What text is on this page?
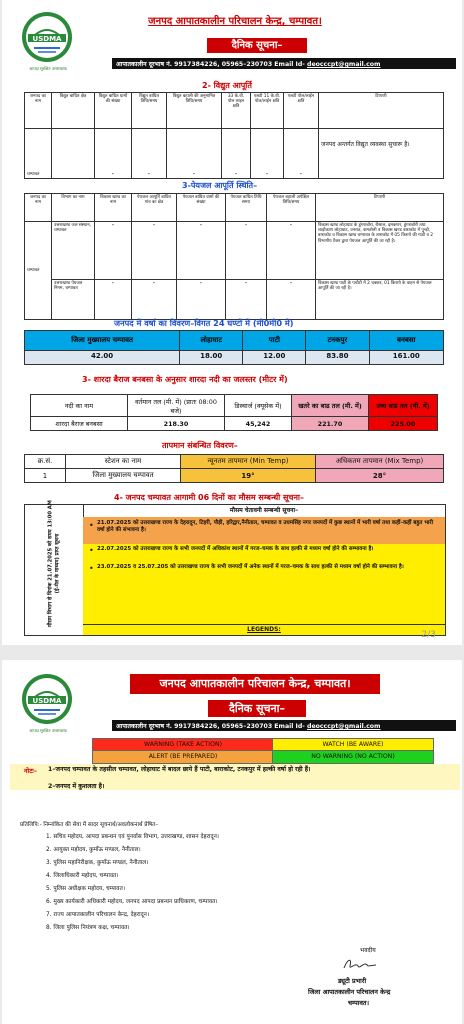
USDMA
आपदा सुरक्षित उत्तराखण्ड
जनपद आपातकालीन परिचालन केन्द्र, चम्पावत।
दैनिक सूचना–
आपातकालीन दूरभाष नं. 9917384226, 05965–230703 Email Id- deocccpt@gmail.com
2- विद्युत आपूर्ति
जनपद का नाम	विद्युत बाधित क्षेत्र	विद्युत बाधित ग्रामों की संख्या	विद्युत बाधित तिथि/समय	विद्युत बहाली की अनुमानित तिथि/समय	33 के.वी. पोल लाइन क्षति	एलटी 11 के.वी. पोल/लाईन क्षति	एलटी पोल/लाईन क्षति	टिप्पणी
चम्पावत		–	–	–	–	–	–	जनपद अन्तर्गत विद्युत व्यवस्था सुचारू है।
3-पेयजल आपूर्ति स्थिति–
जनपद का नाम	विभाग का नाम	विकास खण्ड का नाम	पेयजल आपूर्ति बाधित गांव का क्षेत्र	पेयजल बाधित ग्रामों की संख्या	पेयजल बाधित तिथि समय	पेयजल बहाली अपेक्षित तिथि/समय	टिप्पणी
चम्पावत	उत्तराखण्ड जल संस्थान, चम्पावत	–	–	–	–	–	विकास खण्ड लोहाघाट के डुंगराबोरा, रौसाल, ढ़मकणर, डुंगराबोरी तथा लाड़ौकाण लोहाघाट, उनराठ, कमतोली व विकास खण्ड बाराकोट में पुन्ड़ी, बाराकोट व विकास खण्ड चम्पावत के ताराकोट में 05 किराये की गाडी व 2 विभागीय टैंकर द्वारा पेयजल आपूर्ति की जा रही है।
	उत्तराखण्ड पेयजल निगम, चम्पावत	–	–	–	–	–	विकास खण्ड पाटी के पचौटी में 2 चक्कर, 01 किराये के वाहन से पेयजल आपूर्ति की जा रही है।
जनपद में वर्षा का विवरण–विगत 24 घण्टों में (मी0मी0 में)
जिला मुख्यालय चम्पावत	लोहाघाट	पाटी	टनकपुर	बनबसा
42.00	18.00	12.00	83.80	161.00
3- शारदा बैराज बनबसा के अनुसार शारदा नदी का जलस्तर (मीटर में)
नदी का नाम	वर्तमान तल (मी. में) (प्रातः 08:00 बजे)	डिस्चार्ज (क्यूसेक में)	खतरे का बाढ तल (मी. में)	उच्च बाढ तल (मी. में)
शारदा बैराज बनबसा	218.30	45,242	221.70	225.00
तापमान संबन्धित विवरण–
क्र.सं.	स्टेशन का नाम	न्यूनतम तापमान (Min Temp)	अधिकतम तापमान (Mix Temp)
1	जिला मुख्यालय चम्पावत	19°	28°
4- जनपद चम्पावत आगामी 06 दिनों का मौसम सम्बन्धी सूचना–
मौसम विभाग से दिनांक 21.07.2025 को समय 13:00 AM (ई-मेल के माध्यम) प्राप्त सूचना
मौसम चेतावनी सम्बन्धी सूचना–
• 21.07.2025 को उत्तराखण्ड राज्य के देहरादून, टिहरी, पौड़ी, हरिद्वार,नैनीताल, चम्पावत व उधमसिंह नगर जनपदों में कुछ स्थानों में भारी वर्षा तथा कहीं–कहीं बहुत भारी वर्षा होने की संभावना है।
• 22.07.2025 को उत्तराखण्ड राज्य के सभी जनपदों में अधिकांश स्थानों में गरज–चमक के साथ हल्की से मध्यम वर्षा होने की सम्भावना है।
• 23.07.2025 व 25.07.205 को उत्तराखण्ड राज्य के सभी जनपदों में अनेक स्थानों में गरज–चमक के साथ हल्की से मध्यम वर्षा होने की सम्भावना है।
LEGENDS:
2/3
USDMA
आपदा सुरक्षित उत्तराखण्ड
जनपद आपातकालीन परिचालन केन्द्र, चम्पावत।
दैनिक सूचना–
आपातकालीन दूरभाष नं. 9917384226, 05965–230703 Email Id- deocccpt@gmail.com
WARNING (TAKE ACTION)	WATCH (BE AWARE)
ALERT (BE PREPARED)	NO WARNING (NO ACTION)
नोटः– 1–जनपद चम्पावत के तहसील चम्पावत, लोहाघाट में बादल छाये हैं पाटी, बाराकोट, टनकपुर में हल्की वर्षा हो रही हैं।
2–जनपद में कुशलता है।
प्रतिलिपि:- निम्नांकित की सेवा में सादर सूचनार्थ/अवलोकनार्थ प्रेषित–
1. सचिव महोदय, आपदा प्रबन्धन एवं पुनर्वास विभाग, उत्तराखण्ड, शासन देहरादून।
2. आयुक्त महोदय, कुमाँऊ मण्डल, नैनीताल।
3. पुलिस महानिरीक्षक, कुमाँऊ मण्डल, नैनीताल।
4. जिलाधिकारी महोदय, चम्पावत।
5. पुलिस अधीक्षक महोदय, चम्पावत।
6. मुख्य कार्यकारी अधिकारी महोदय, जनपद आपदा प्रबन्धन प्राधिकरण, चम्पावत।
7. राज्य आपातकालीन परिचालन केन्द्र, देहरादून।
8. जिला पुलिस नियंत्रण कक्ष, चम्पावत।
भवदीय
ड्यूटी प्रभारी
जिला आपातकालीन परिचालन केन्द्र
चम्पावत।
